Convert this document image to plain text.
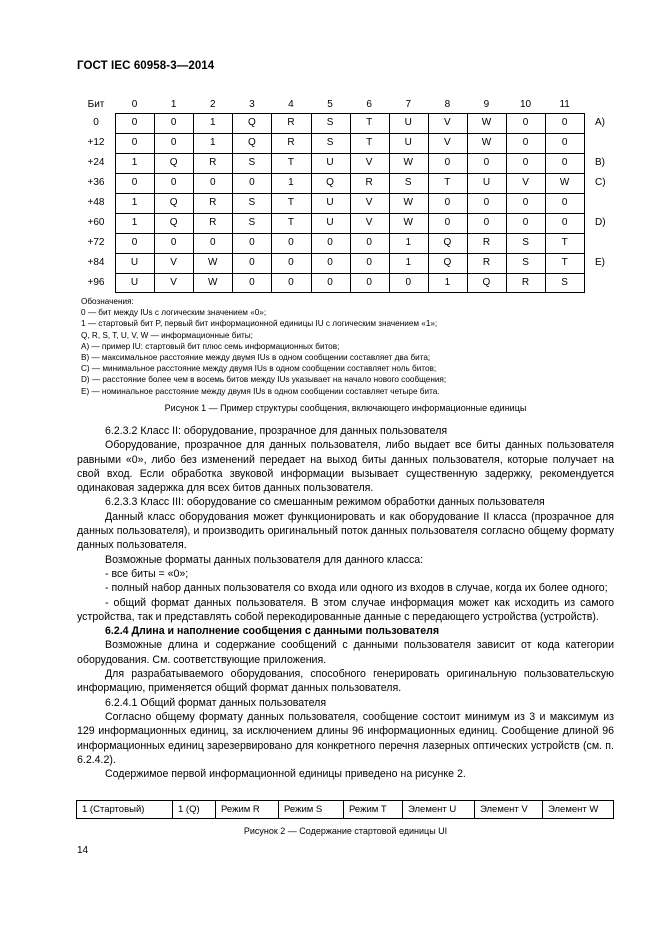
ГОСТ IEC 60958-3—2014
Бит	0	1	2	3	4	5	6	7	8	9	10	11
0	0	0	1	Q	R	S	T	U	V	W	0	0	A)
+12	0	0	1	Q	R	S	T	U	V	W	0	0
+24	1	Q	R	S	T	U	V	W	0	0	0	0	B)
+36	0	0	0	0	1	Q	R	S	T	U	V	W	C)
+48	1	Q	R	S	T	U	V	W	0	0	0	0
+60	1	Q	R	S	T	U	V	W	0	0	0	0	D)
+72	0	0	0	0	0	0	0	1	Q	R	S	T
+84	U	V	W	0	0	0	0	1	Q	R	S	T	E)
+96	U	V	W	0	0	0	0	0	1	Q	R	S
Обозначения:
0 — бит между IUs с логическим значением «0»;
1 — стартовый бит P, первый бит информационной единицы IU с логическим значением «1»;
Q, R, S, T, U, V, W — информационные биты;
A) — пример IU: стартовый бит плюс семь информационных битов;
B) — максимальное расстояние между двумя IUs в одном сообщении составляет два бита;
C) — минимальное расстояние между двумя IUs в одном сообщении составляет ноль битов;
D) — расстояние более чем в восемь битов между IUs указывает на начало нового сообщения;
E) — номинальное расстояние между двумя IUs в одном сообщении составляет четыре бита.
Рисунок 1 — Пример структуры сообщения, включающего информационные единицы

6.2.3.2 Класс II: оборудование, прозрачное для данных пользователя

Оборудование, прозрачное для данных пользователя, либо выдает все биты данных пользователя равными «0», либо без изменений передает на выход биты данных пользователя, которые получает на свой вход. Если обработка звуковой информации вызывает существенную задержку, рекомендуется одинаковая задержка для всех битов данных пользователя.

6.2.3.3 Класс III: оборудование со смешанным режимом обработки данных пользователя

Данный класс оборудования может функционировать и как оборудование II класса (прозрачное для данных пользователя), и производить оригинальный поток данных пользователя согласно общему формату данных пользователя.

Возможные форматы данных пользователя для данного класса:

- все биты = «0»;

- полный набор данных пользователя со входа или одного из входов в случае, когда их более одного;

- общий формат данных пользователя. В этом случае информация может как исходить из самого устройства, так и представлять собой перекодированные данные с передающего устройства (устройств).

6.2.4 Длина и наполнение сообщения с данными пользователя

Возможные длина и содержание сообщений с данными пользователя зависит от кода категории оборудования. См. соответствующие приложения.

Для разрабатываемого оборудования, способного генерировать оригинальную пользовательскую информацию, применяется общий формат данных пользователя.

6.2.4.1 Общий формат данных пользователя

Согласно общему формату данных пользователя, сообщение состоит минимум из 3 и максимум из 129 информационных единиц, за исключением длины 96 информационных единиц. Сообщение длиной 96 информационных единиц зарезервировано для конкретного перечня лазерных оптических устройств (см. п. 6.2.4.2).

Содержимое первой информационной единицы приведено на рисунке 2.

1 (Стартовый)	1 (Q)	Режим R	Режим S	Режим T	Элемент U	Элемент V	Элемент W
Рисунок 2 — Содержание стартовой единицы UI
14
